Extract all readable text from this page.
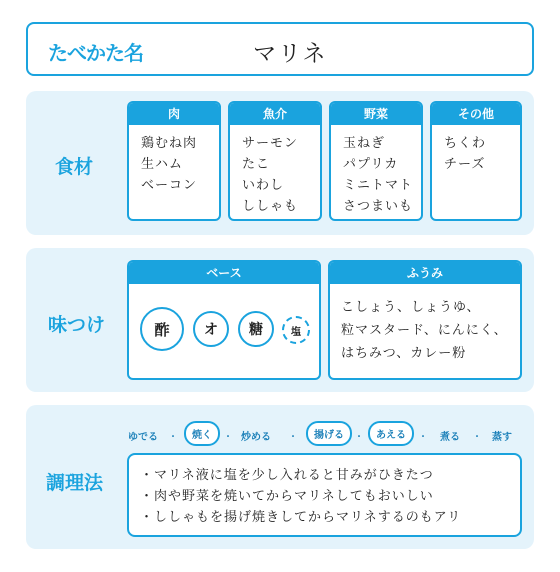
たべかた名	マリネ
食材
肉
鶏むね肉
生ハム
ベーコン
魚介
サーモン
たこ
いわし
ししゃも
野菜
玉ねぎ
パプリカ
ミニトマト
さつまいも
その他
ちくわ
チーズ
味つけ
ベース
酢	オ	糖	塩
ふうみ
こしょう、しょうゆ、
粒マスタード、にんにく、
はちみつ、カレー粉
調理法
ゆでる ・	焼く	・ 炒める ・	揚げる	・	あえる	・ 煮る ・ 蒸す
・マリネ液に塩を少し入れると甘みがひきたつ
・肉や野菜を焼いてからマリネしてもおいしい
・ししゃもを揚げ焼きしてからマリネするのもアリ
